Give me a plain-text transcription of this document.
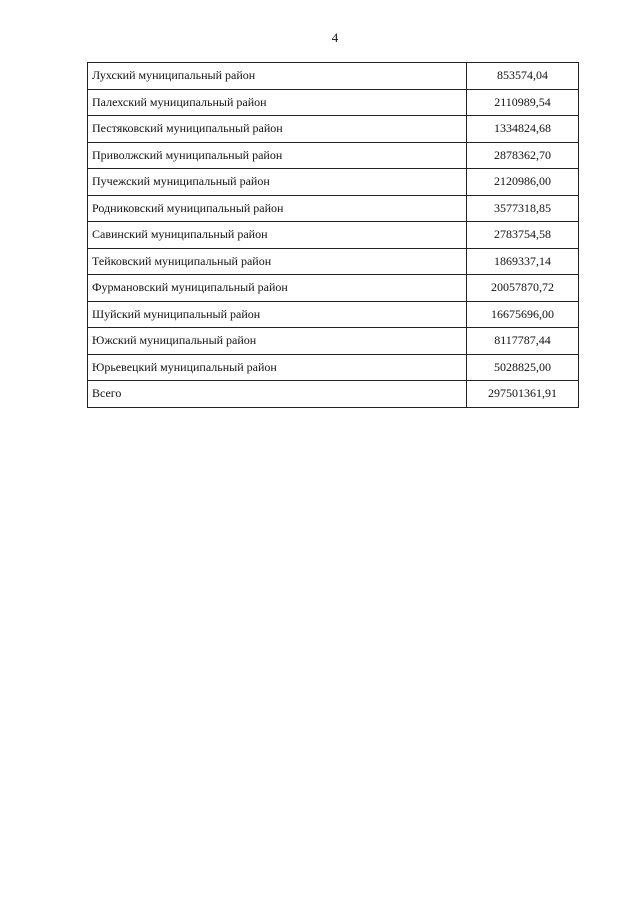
4
Лухский муниципальный район	853574,04
Палехский муниципальный район	2110989,54
Пестяковский муниципальный район	1334824,68
Приволжский муниципальный район	2878362,70
Пучежский муниципальный район	2120986,00
Родниковский муниципальный район	3577318,85
Савинский муниципальный район	2783754,58
Тейковский муниципальный район	1869337,14
Фурмановский муниципальный район	20057870,72
Шуйский муниципальный район	16675696,00
Южский муниципальный район	8117787,44
Юрьевецкий муниципальный район	5028825,00
Всего	297501361,91
